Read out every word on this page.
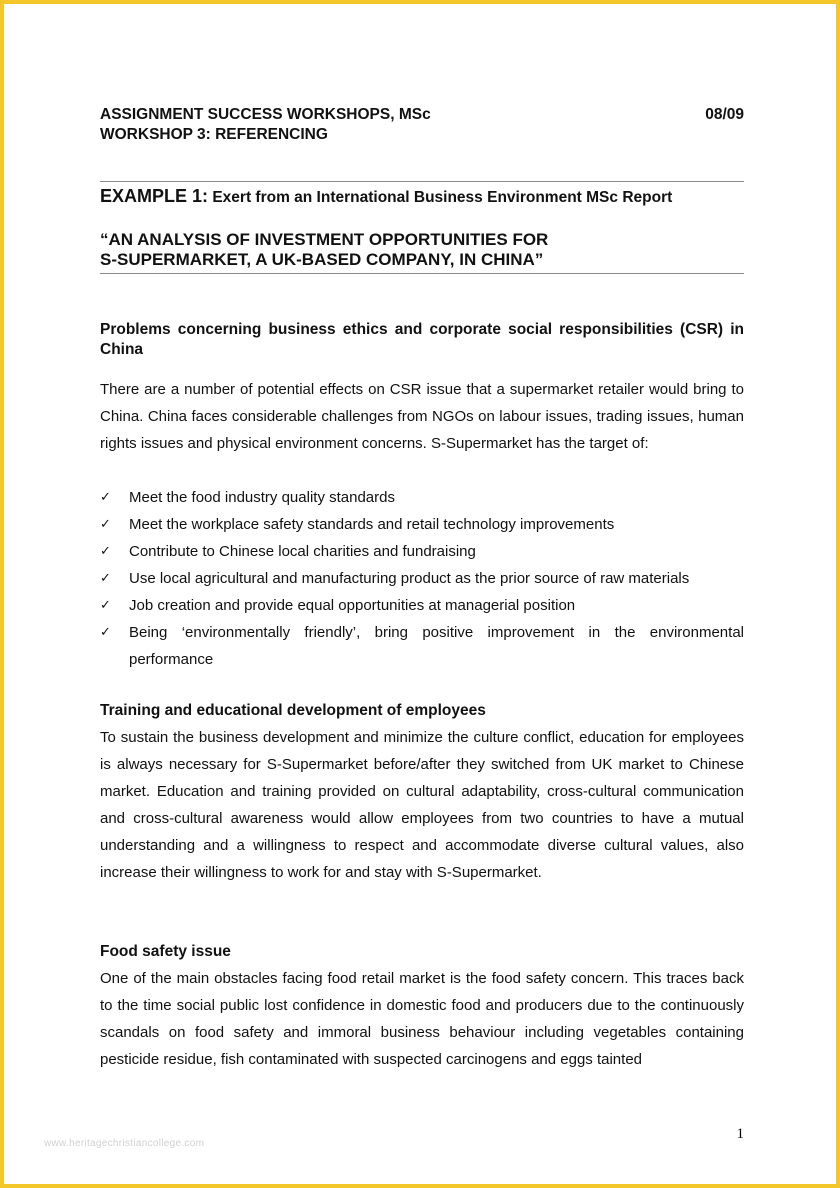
ASSIGNMENT SUCCESS WORKSHOPS, MSc	08/09
WORKSHOP 3: REFERENCING
EXAMPLE 1: Exert from an International Business Environment MSc Report
“AN ANALYSIS OF INVESTMENT OPPORTUNITIES FOR
S-SUPERMARKET, A UK-BASED COMPANY, IN CHINA”
Problems concerning business ethics and corporate social responsibilities (CSR) in China
There are a number of potential effects on CSR issue that a supermarket retailer would bring to China. China faces considerable challenges from NGOs on labour issues, trading issues, human rights issues and physical environment concerns. S-Supermarket has the target of:
✓ Meet the food industry quality standards
✓ Meet the workplace safety standards and retail technology improvements
✓ Contribute to Chinese local charities and fundraising
✓ Use local agricultural and manufacturing product as the prior source of raw materials
✓ Job creation and provide equal opportunities at managerial position
✓ Being ‘environmentally friendly’, bring positive improvement in the environmental performance
Training and educational development of employees
To sustain the business development and minimize the culture conflict, education for employees is always necessary for S-Supermarket before/after they switched from UK market to Chinese market. Education and training provided on cultural adaptability, cross-cultural communication and cross-cultural awareness would allow employees from two countries to have a mutual understanding and a willingness to respect and accommodate diverse cultural values, also increase their willingness to work for and stay with S-Supermarket.
Food safety issue
One of the main obstacles facing food retail market is the food safety concern. This traces back to the time social public lost confidence in domestic food and producers due to the continuously scandals on food safety and immoral business behaviour including vegetables containing pesticide residue, fish contaminated with suspected carcinogens and eggs tainted
1
www.heritagechristiancollege.com
